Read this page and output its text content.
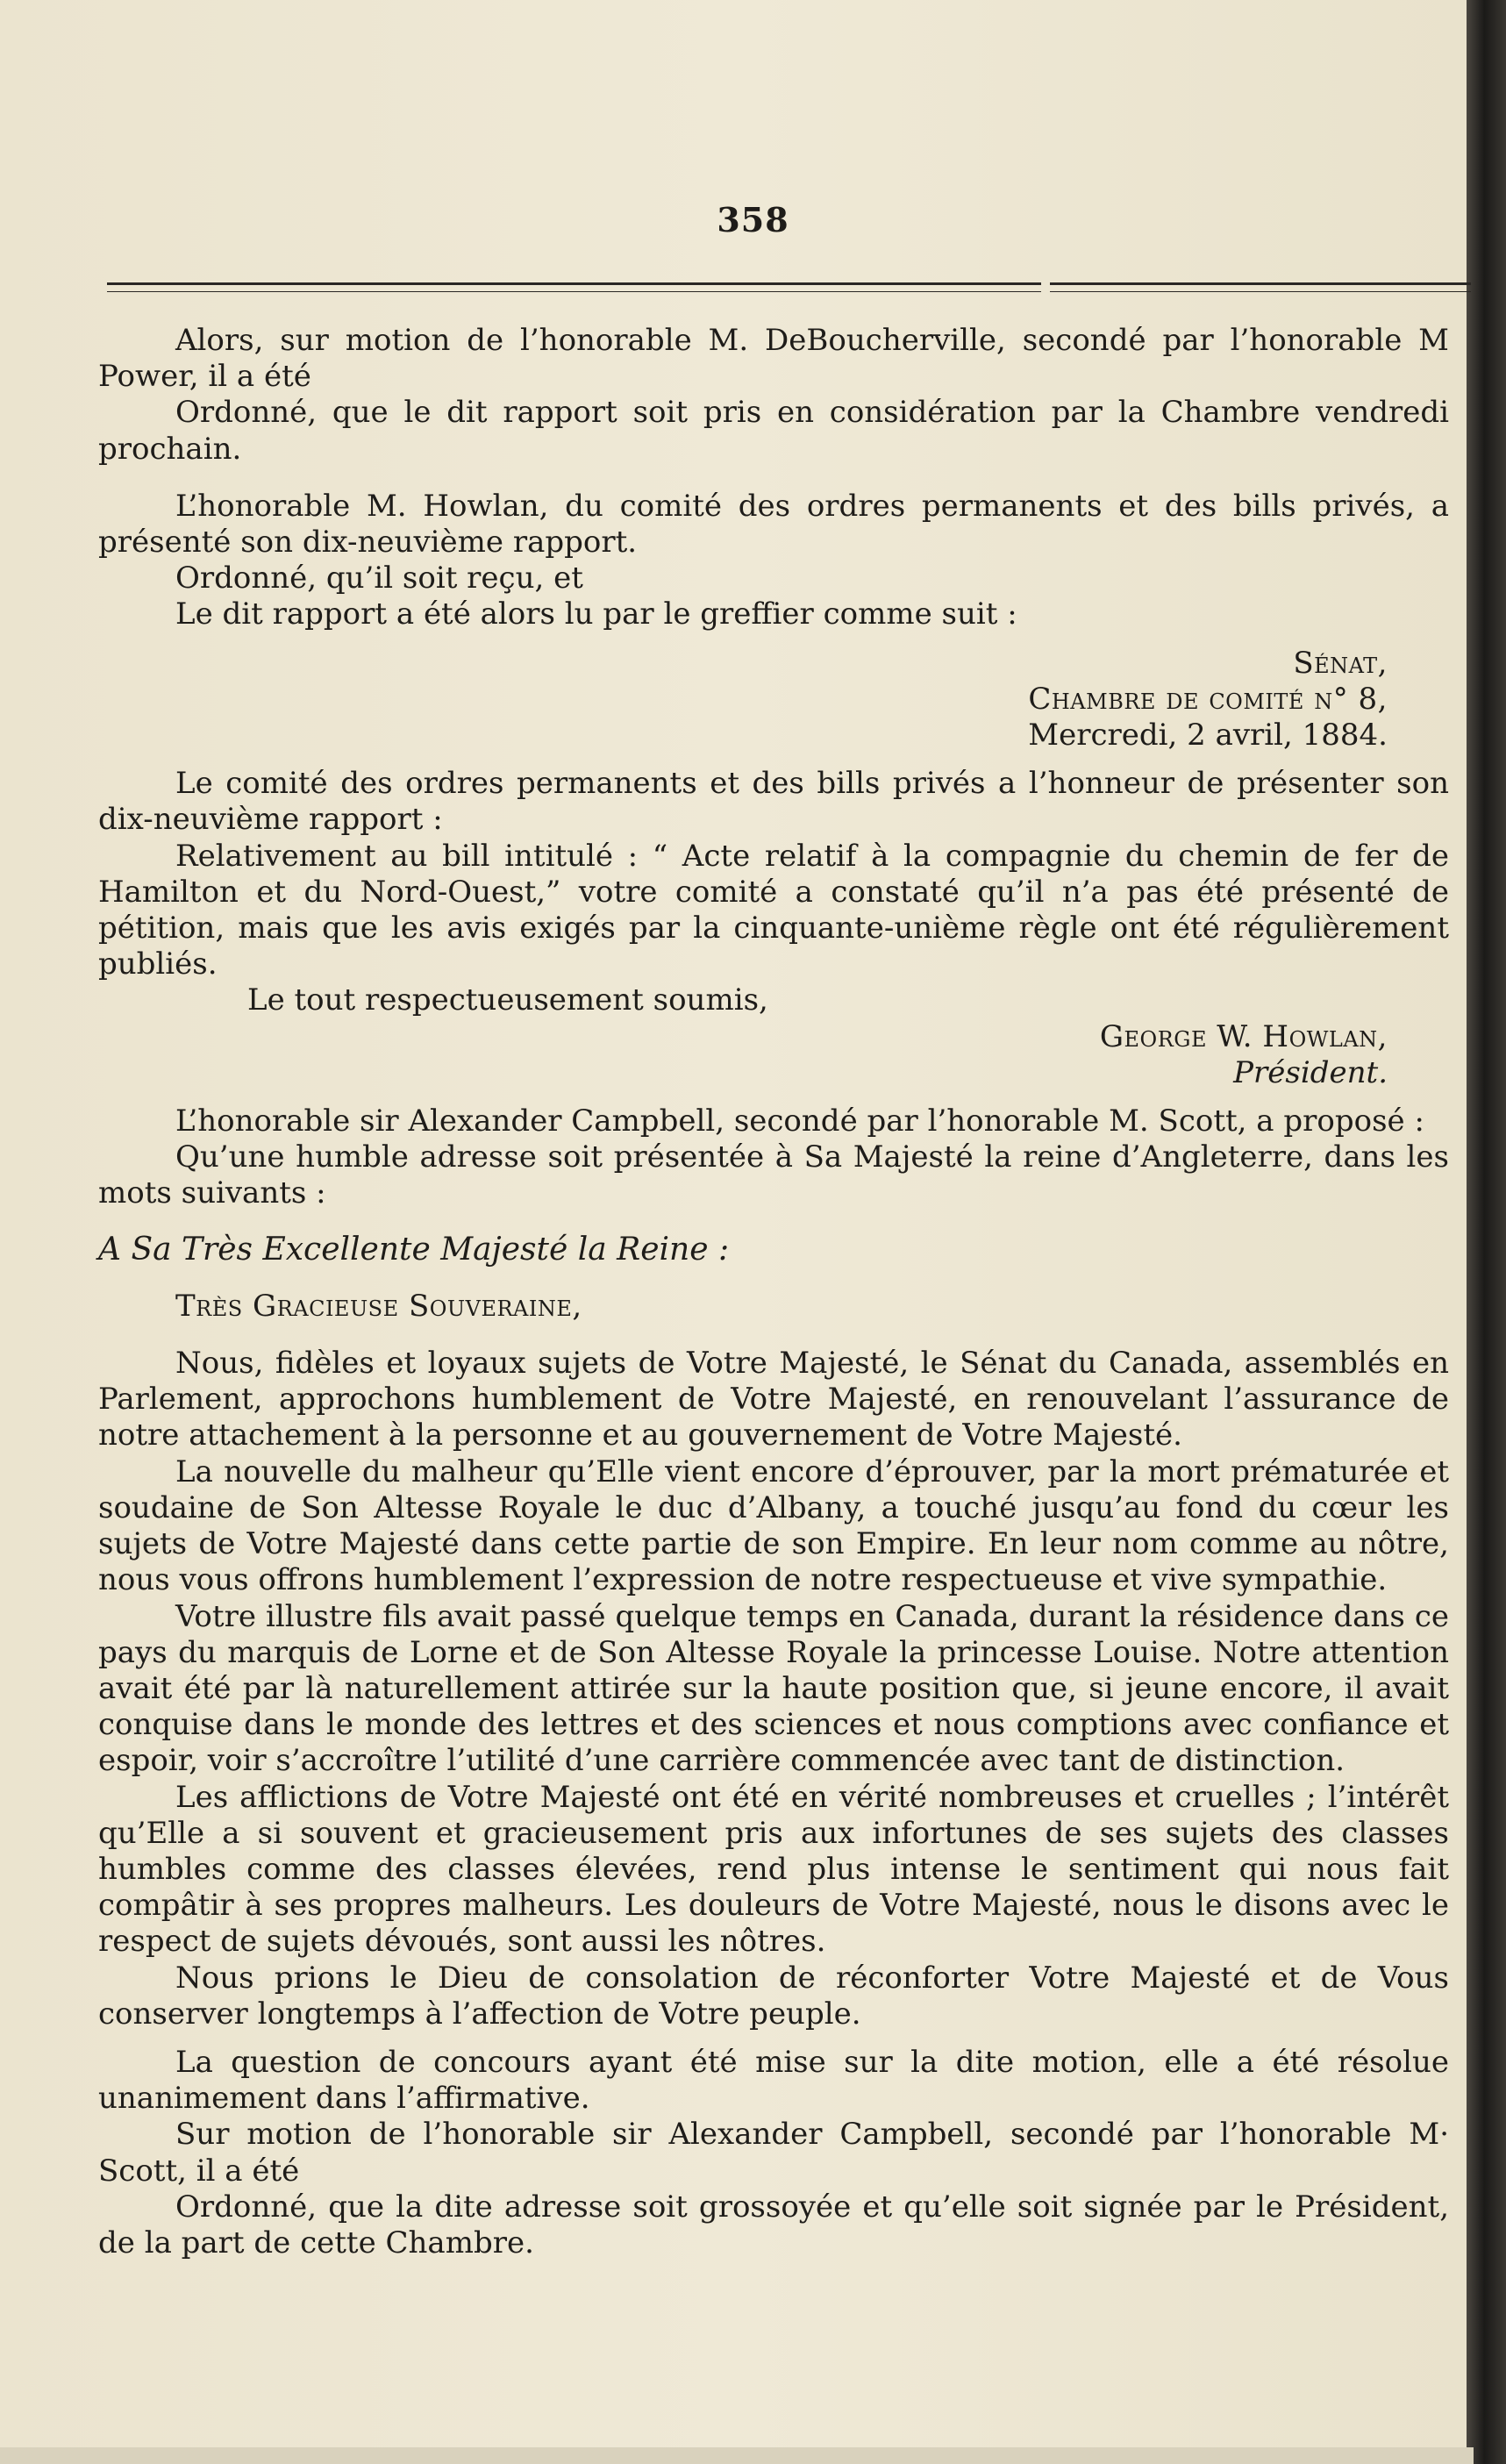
358

Alors, sur motion de l’honorable M. DeBoucherville, secondé par l’honorable M Power, il a été

Ordonné, que le dit rapport soit pris en considération par la Chambre vendredi prochain.

L’honorable M. Howlan, du comité des ordres permanents et des bills privés, a présenté son dix-neuvième rapport.

Ordonné, qu’il soit reçu, et

Le dit rapport a été alors lu par le greffier comme suit :

Sénat,

Chambre de comité n° 8,

Mercredi, 2 avril, 1884.

Le comité des ordres permanents et des bills privés a l’honneur de présenter son dix-neuvième rapport :

Relativement au bill intitulé : “ Acte relatif à la compagnie du chemin de fer de Hamilton et du Nord-Ouest,” votre comité a constaté qu’il n’a pas été présenté de pétition, mais que les avis exigés par la cinquante-unième règle ont été régulièrement publiés.

Le tout respectueusement soumis,

George W. Howlan,

Président.

L’honorable sir Alexander Campbell, secondé par l’honorable M. Scott, a proposé :

Qu’une humble adresse soit présentée à Sa Majesté la reine d’Angleterre, dans les mots suivants :

A Sa Très Excellente Majesté la Reine :

Très Gracieuse Souveraine,

Nous, fidèles et loyaux sujets de Votre Majesté, le Sénat du Canada, assemblés en Parlement, approchons humblement de Votre Majesté, en renouvelant l’assurance de notre attachement à la personne et au gouvernement de Votre Majesté.

La nouvelle du malheur qu’Elle vient encore d’éprouver, par la mort prématurée et soudaine de Son Altesse Royale le duc d’Albany, a touché jusqu’au fond du cœur les sujets de Votre Majesté dans cette partie de son Empire. En leur nom comme au nôtre, nous vous offrons humblement l’expression de notre respectueuse et vive sympathie.

Votre illustre fils avait passé quelque temps en Canada, durant la résidence dans ce pays du marquis de Lorne et de Son Altesse Royale la princesse Louise. Notre attention avait été par là naturellement attirée sur la haute position que, si jeune encore, il avait conquise dans le monde des lettres et des sciences et nous comptions avec confiance et espoir, voir s’accroître l’utilité d’une carrière commencée avec tant de distinction.

Les afflictions de Votre Majesté ont été en vérité nombreuses et cruelles ; l’intérêt qu’Elle a si souvent et gracieusement pris aux infortunes de ses sujets des classes humbles comme des classes élevées, rend plus intense le sentiment qui nous fait compâtir à ses propres malheurs. Les douleurs de Votre Majesté, nous le disons avec le respect de sujets dévoués, sont aussi les nôtres.

Nous prions le Dieu de consolation de réconforter Votre Majesté et de Vous conserver longtemps à l’affection de Votre peuple.

La question de concours ayant été mise sur la dite motion, elle a été résolue unanimement dans l’affirmative.

Sur motion de l’honorable sir Alexander Campbell, secondé par l’honorable M· Scott, il a été

Ordonné, que la dite adresse soit grossoyée et qu’elle soit signée par le Président, de la part de cette Chambre.
